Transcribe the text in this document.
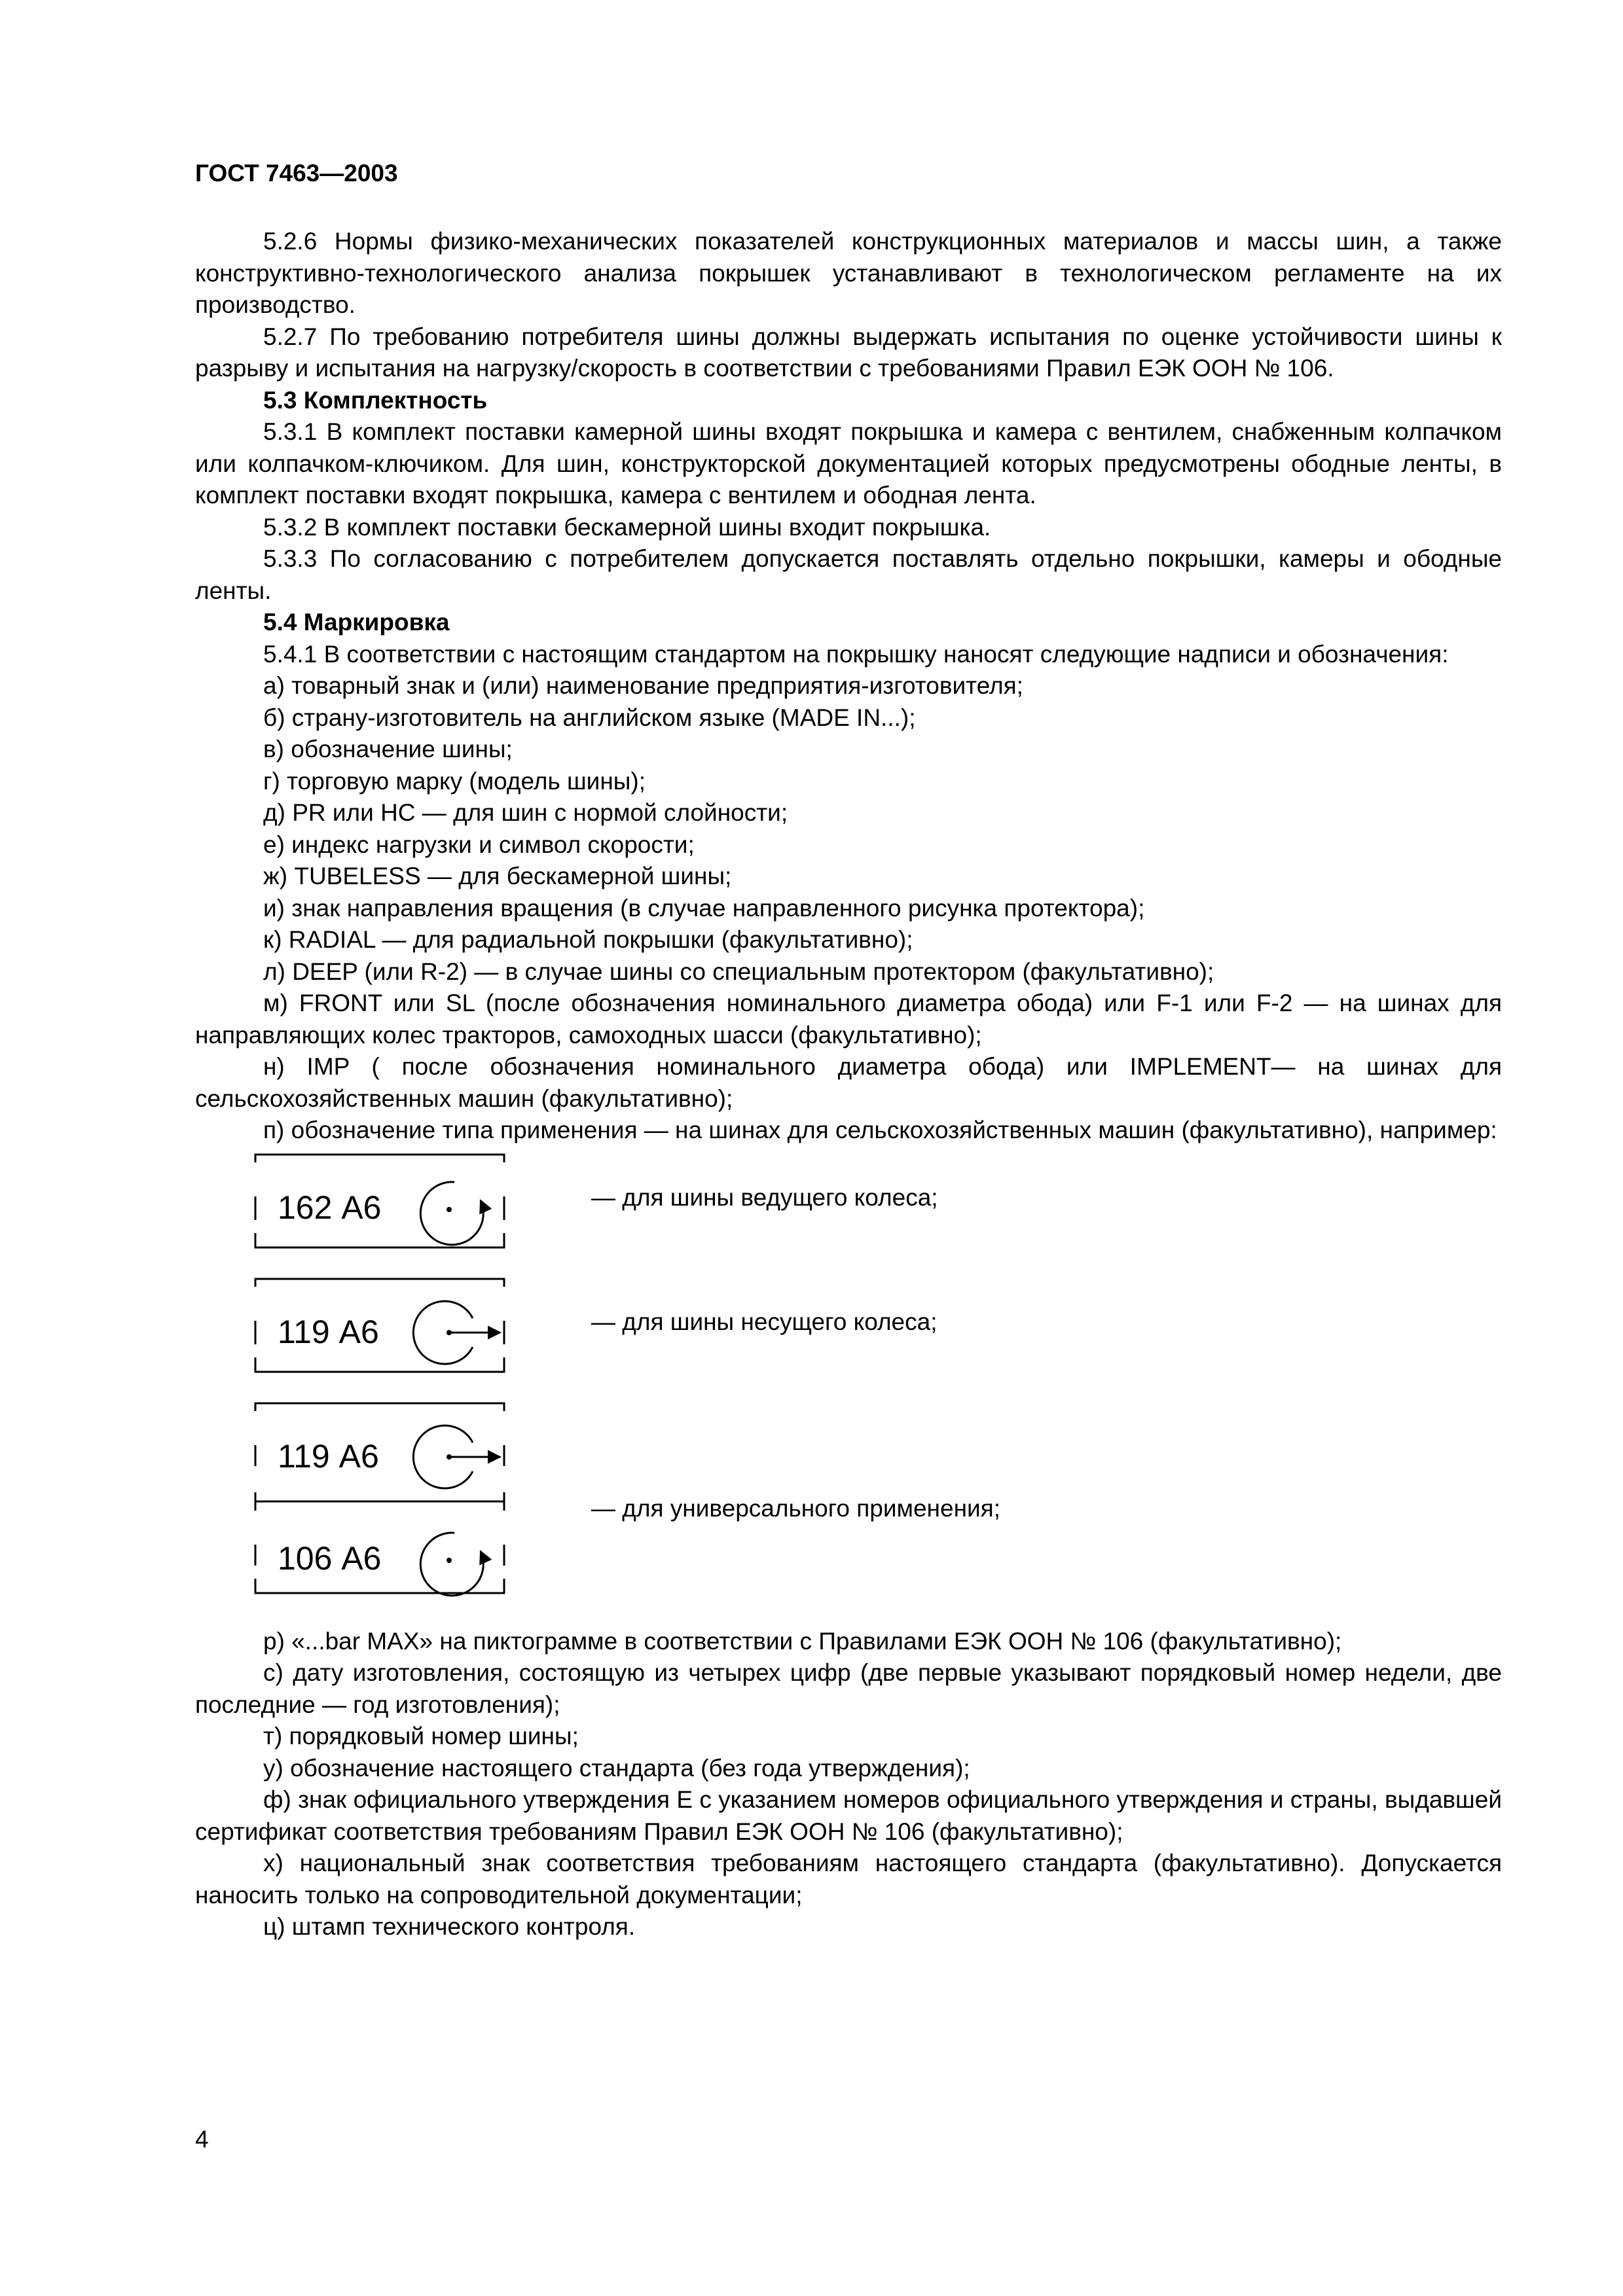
ГОСТ 7463—2003

5.2.6 Нормы физико-механических показателей конструкционных материалов и массы шин, а также конструктивно-технологического анализа покрышек устанавливают в технологическом регламенте на их производство.

5.2.7 По требованию потребителя шины должны выдержать испытания по оценке устойчивости шины к разрыву и испытания на нагрузку/скорость в соответствии с требованиями Правил ЕЭК ООН № 106.

5.3 Комплектность

5.3.1 В комплект поставки камерной шины входят покрышка и камера с вентилем, снабженным колпачком или колпачком-ключиком. Для шин, конструкторской документацией которых предусмотрены ободные ленты, в комплект поставки входят покрышка, камера с вентилем и ободная лента.

5.3.2 В комплект поставки бескамерной шины входит покрышка.

5.3.3 По согласованию с потребителем допускается поставлять отдельно покрышки, камеры и ободные ленты.

5.4 Маркировка

5.4.1 В соответствии с настоящим стандартом на покрышку наносят следующие надписи и обозначения:

а) товарный знак и (или) наименование предприятия-изготовителя;

б) страну-изготовитель на английском языке (MADE IN...);

в) обозначение шины;

г) торговую марку (модель шины);

д) PR или HC — для шин с нормой слойности;

е) индекс нагрузки и символ скорости;

ж) TUBELESS — для бескамерной шины;

и) знак направления вращения (в случае направленного рисунка протектора);

к) RADIAL — для радиальной покрышки (факультативно);

л) DEEP (или R-2) — в случае шины со специальным протектором (факультативно);

м) FRONT или SL (после обозначения номинального диаметра обода) или F-1 или F-2 — на шинах для направляющих колес тракторов, самоходных шасси (факультативно);

н) IMP ( после обозначения номинального диаметра обода) или IMPLEMENT— на шинах для сельскохозяйственных машин (факультативно);

п) обозначение типа применения — на шинах для сельскохозяйственных машин (факультативно), например:

162 А6
119 А6
119 А6
106 А6
— для шины ведущего колеса;
— для шины несущего колеса;
— для универсального применения;

р) «...bar MAX» на пиктограмме в соответствии с Правилами ЕЭК ООН № 106 (факультативно);

с) дату изготовления, состоящую из четырех цифр (две первые указывают порядковый номер недели, две последние — год изготовления);

т) порядковый номер шины;

у) обозначение настоящего стандарта (без года утверждения);

ф) знак официального утверждения Е с указанием номеров официального утверждения и страны, выдавшей сертификат соответствия требованиям Правил ЕЭК ООН № 106 (факультативно);

х) национальный знак соответствия требованиям настоящего стандарта (факультативно). Допускается наносить только на сопроводительной документации;

ц) штамп технического контроля.

4
